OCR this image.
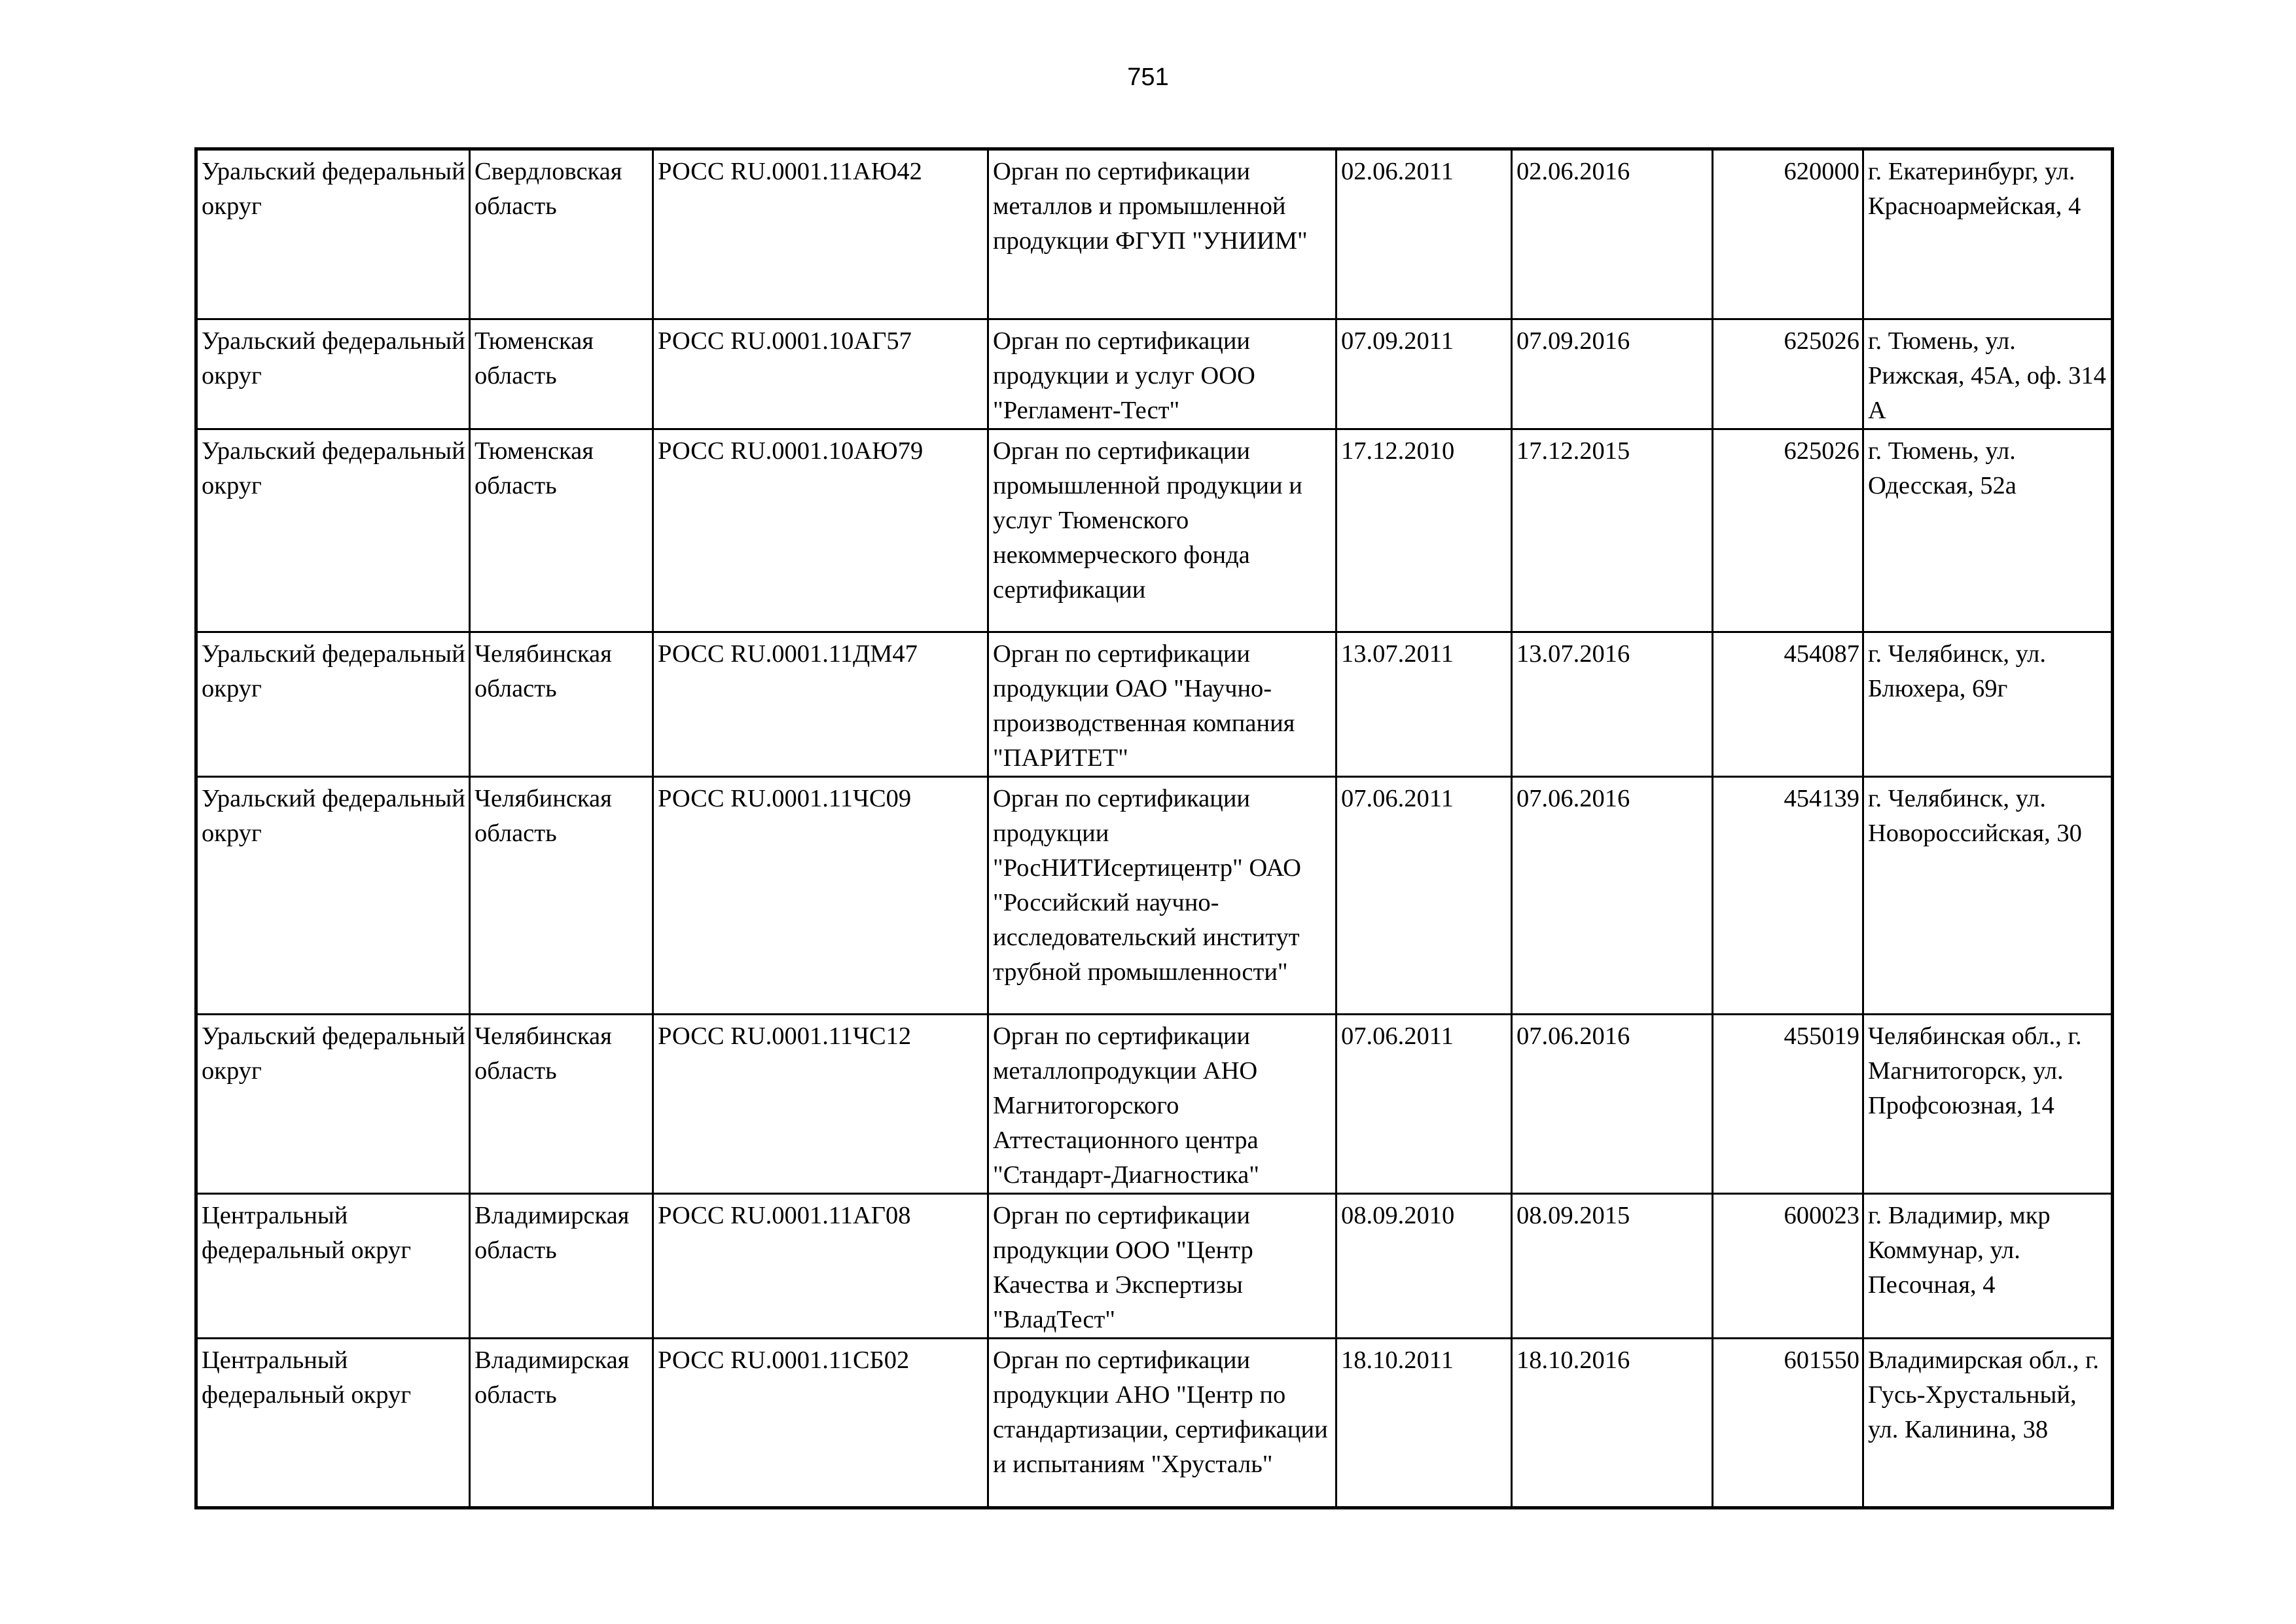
751
Уральский федеральный округ	Свердловская область	РОСС RU.0001.11АЮ42	Орган по сертификации металлов и промышленной продукции ФГУП "УНИИМ"	02.06.2011	02.06.2016	620000	г. Екатеринбург, ул. Красноармейская, 4
Уральский федеральный округ	Тюменская область	РОСС RU.0001.10АГ57	Орган по сертификации продукции и услуг ООО "Регламент-Тест"	07.09.2011	07.09.2016	625026	г. Тюмень, ул. Рижская, 45А, оф. 314 А
Уральский федеральный округ	Тюменская область	РОСС RU.0001.10АЮ79	Орган по сертификации промышленной продукции и услуг Тюменского некоммерческого фонда сертификации	17.12.2010	17.12.2015	625026	г. Тюмень, ул. Одесская, 52а
Уральский федеральный округ	Челябинская область	РОСС RU.0001.11ДМ47	Орган по сертификации продукции ОАО "Научно-производственная компания "ПАРИТЕТ"	13.07.2011	13.07.2016	454087	г. Челябинск, ул. Блюхера, 69г
Уральский федеральный округ	Челябинская область	РОСС RU.0001.11ЧС09	Орган по сертификации продукции "РосНИТИсертицентр" ОАО "Российский научно-исследовательский институт трубной промышленности"	07.06.2011	07.06.2016	454139	г. Челябинск, ул. Новороссийская, 30
Уральский федеральный округ	Челябинская область	РОСС RU.0001.11ЧС12	Орган по сертификации металлопродукции АНО Магнитогорского Аттестационного центра "Стандарт-Диагностика"	07.06.2011	07.06.2016	455019	Челябинская обл., г. Магнитогорск, ул. Профсоюзная, 14
Центральный федеральный округ	Владимирская  область	РОСС RU.0001.11АГ08	Орган по сертификации продукции ООО "Центр Качества и Экспертизы "ВладТест"	08.09.2010	08.09.2015	600023	г. Владимир, мкр Коммунар, ул. Песочная, 4
Центральный федеральный округ	Владимирская  область	РОСС RU.0001.11СБ02	Орган по сертификации продукции АНО "Центр по стандартизации, сертификации и испытаниям "Хрусталь"	18.10.2011	18.10.2016	601550	Владимирская обл., г. Гусь-Хрустальный, ул. Калинина, 38
